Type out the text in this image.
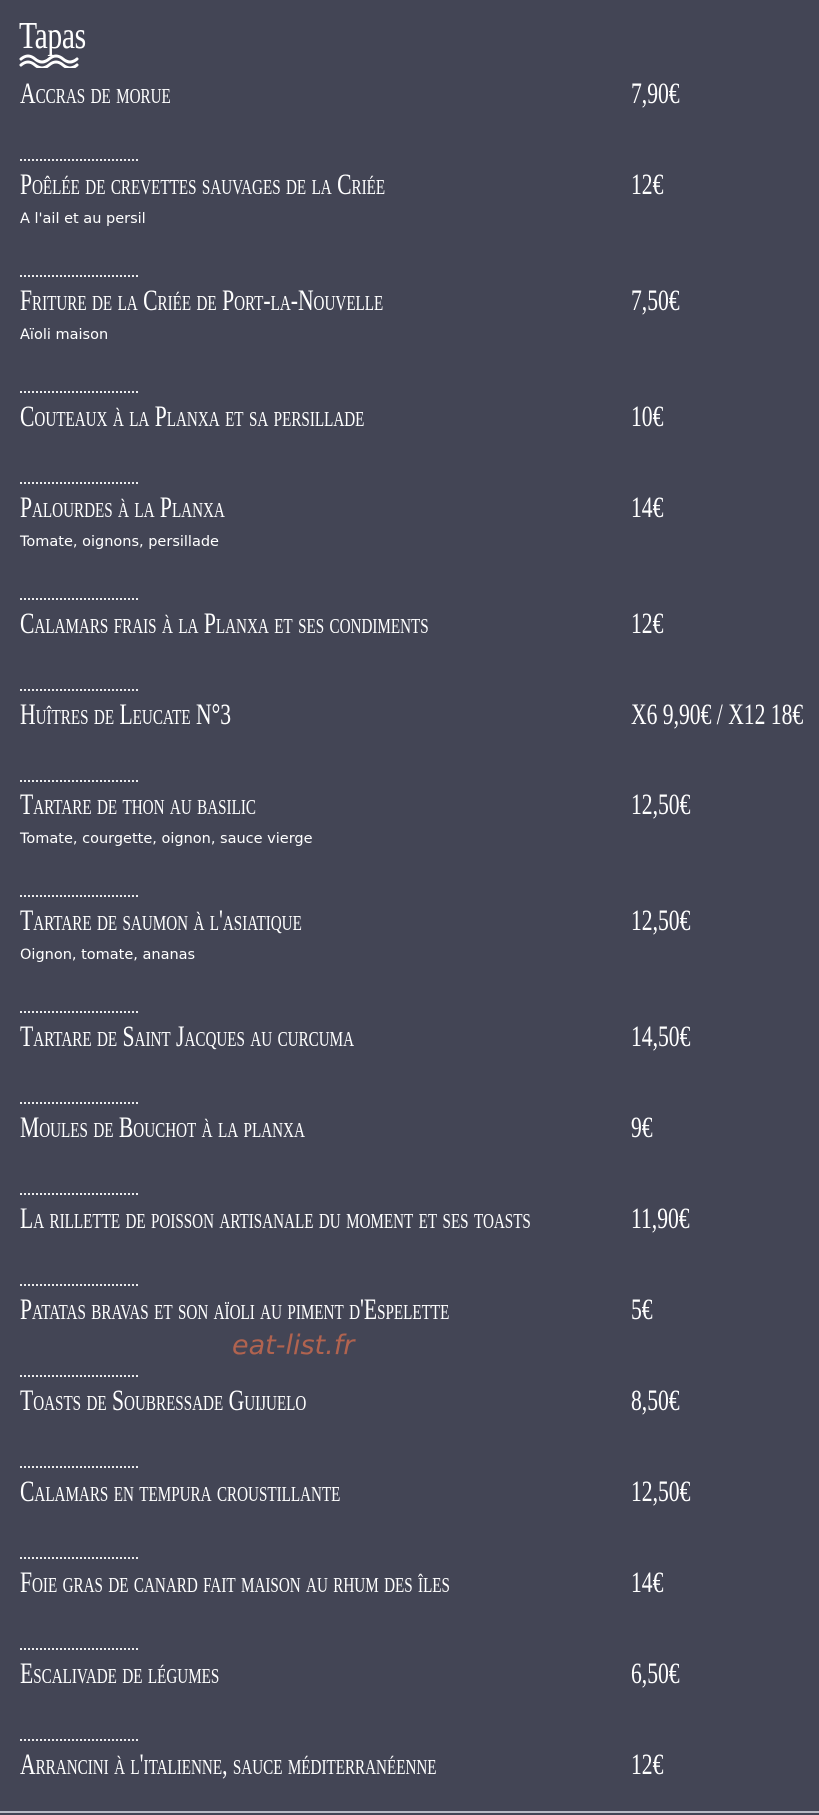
Tapas
Accras de morue	7,90€
Poêlée de crevettes sauvages de la Criée	12€
A l'ail et au persil
Friture de la Criée de Port-la-Nouvelle	7,50€
Aïoli maison
Couteaux à la Planxa et sa persillade	10€
Palourdes à la Planxa	14€
Tomate, oignons, persillade
Calamars frais à la Planxa et ses condiments	12€
Huîtres de Leucate N°3	X6 9,90€ / X12 18€
Tartare de thon au basilic	12,50€
Tomate, courgette, oignon, sauce vierge
Tartare de saumon à l'asiatique	12,50€
Oignon, tomate, ananas
Tartare de Saint Jacques au curcuma	14,50€
Moules de Bouchot à la planxa	9€
La rillette de poisson artisanale du moment et ses toasts	11,90€
Patatas bravas et son aïoli au piment d'Espelette	5€
Toasts de Soubressade Guijuelo	8,50€
Calamars en tempura croustillante	12,50€
Foie gras de canard fait maison au rhum des îles	14€
Escalivade de légumes	6,50€
Arrancini à l'italienne, sauce méditerranéenne	12€
eat-list.fr
